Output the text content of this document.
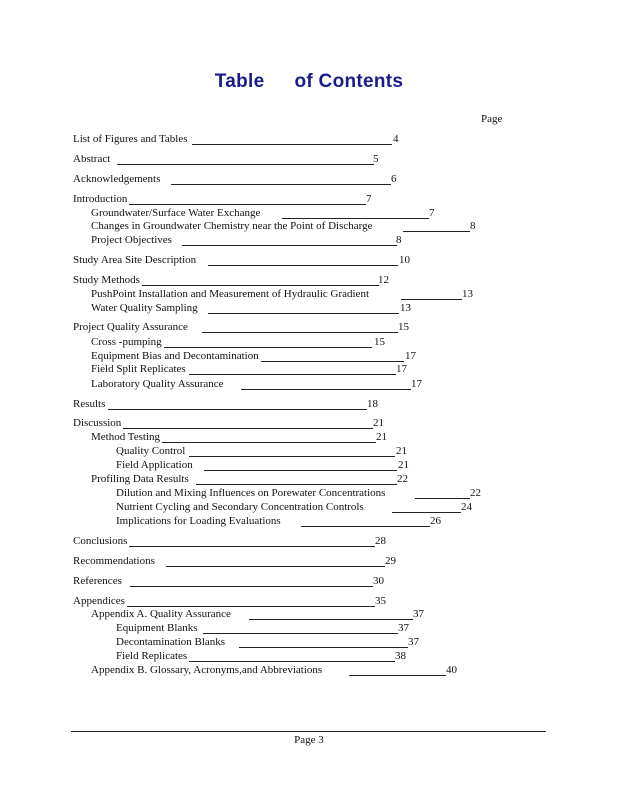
Table of Contents
Page
List of Figures and Tables	4
Abstract	5
Acknowledgements	6
Introduction	7
Groundwater/Surface Water Exchange	7
Changes in Groundwater Chemistry near the Point of Discharge	8
Project Objectives	8
Study Area Site Description	10
Study Methods	12
PushPoint Installation and Measurement of Hydraulic Gradient	13
Water Quality Sampling	13
Project Quality Assurance	15
Cross -pumping	15
Equipment Bias and Decontamination	17
Field Split Replicates	17
Laboratory Quality Assurance	17
Results	18
Discussion	21
Method Testing	21
Quality Control	21
Field Application	21
Profiling Data Results	22
Dilution and Mixing Influences on Porewater Concentrations	22
Nutrient Cycling and Secondary Concentration Controls	24
Implications for Loading Evaluations	26
Conclusions	28
Recommendations	29
References	30
Appendices	35
Appendix A. Quality Assurance	37
Equipment Blanks	37
Decontamination Blanks	37
Field Replicates	38
Appendix B. Glossary, Acronyms,and Abbreviations	40
Page 3
